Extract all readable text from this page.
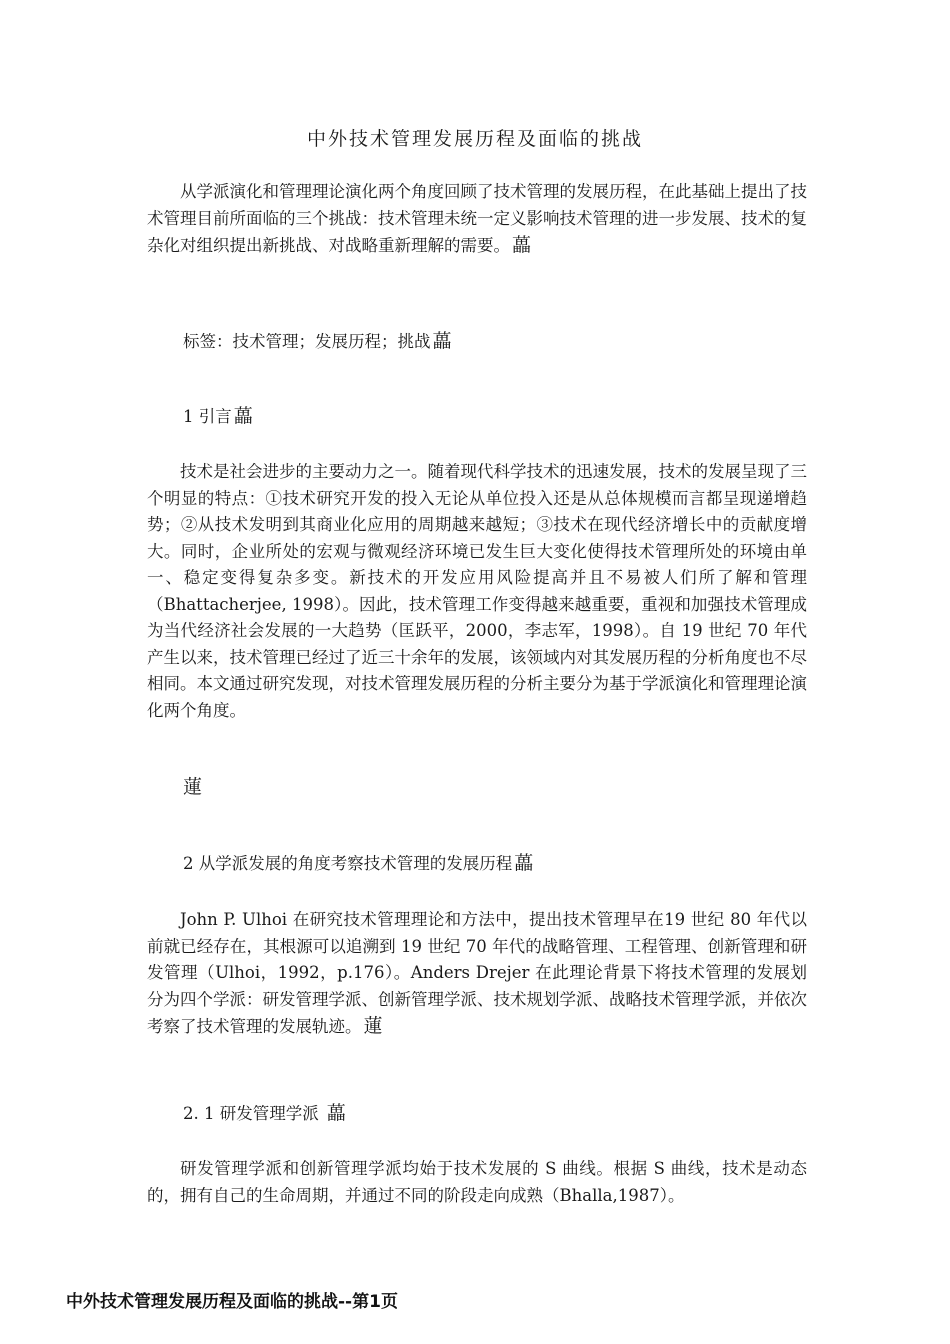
中外技术管理发展历程及面临的挑战

从学派演化和管理理论演化两个角度回顾了技术管理的发展历程，在此基础上提出了技术管理目前所面临的三个挑战：技术管理未统一定义影响技术管理的进一步发展、技术的复杂化对组织提出新挑战、对战略重新理解的需要。 藟

标签：技术管理；发展历程；挑战 藟

1 引言 藟

技术是社会进步的主要动力之一。随着现代科学技术的迅速发展，技术的发展呈现了三个明显的特点：①技术研究开发的投入无论从单位投入还是从总体规模而言都呈现递增趋势；②从技术发明到其商业化应用的周期越来越短；③技术在现代经济增长中的贡献度增大。同时，企业所处的宏观与微观经济环境已发生巨大变化使得技术管理所处的环境由单一、稳定变得复杂多变。新技术的开发应用风险提高并且不易被人们所了解和管理（Bhattacherjee, 1998）。因此，技术管理工作变得越来越重要，重视和加强技术管理成为当代经济社会发展的一大趋势（匡跃平，2000，李志军，1998）。自 19 世纪 70 年代产生以来，技术管理已经过了近三十余年的发展，该领域内对其发展历程的分析角度也不尽相同。本文通过研究发现，对技术管理发展历程的分析主要分为基于学派演化和管理理论演化两个角度。

蓮

2 从学派发展的角度考察技术管理的发展历程 藟

John P. Ulhoi 在研究技术管理理论和方法中，提出技术管理早在19 世纪 80 年代以前就已经存在，其根源可以追溯到 19 世纪 70 年代的战略管理、工程管理、创新管理和研发管理（Ulhoi，1992，p.176）。Anders Drejer 在此理论背景下将技术管理的发展划分为四个学派：研发管理学派、创新管理学派、技术规划学派、战略技术管理学派，并依次考察了技术管理的发展轨迹。 蓮

2. 1 研发管理学派 藟

研发管理学派和创新管理学派均始于技术发展的 S 曲线。根据 S 曲线，技术是动态的，拥有自己的生命周期，并通过不同的阶段走向成熟（Bhalla,1987）。

中外技术管理发展历程及面临的挑战--第1页
